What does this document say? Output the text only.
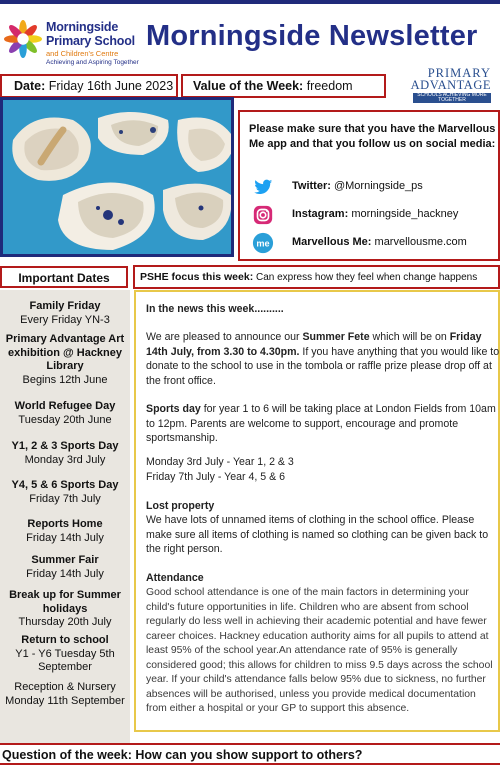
Morningside
Primary School
and Children's Centre
Achieving and Aspiring Together
Morningside Newsletter
Date: Friday 16th June 2023	Value of the Week: freedom
PRIMARY
ADVANTAGE
SCHOOLS ACHIEVING MORE TOGETHER
Please make sure that you have the Marvellous Me app and that you follow us on social media:
Twitter: @Morningside_ps
Instagram: morningside_hackney
me Marvellous Me: marvellousme.com
Important Dates
Family Friday
Every Friday YN-3
Primary Advantage Art exhibition @ Hackney Library
Begins 12th June
World Refugee Day
Tuesday 20th June
Y1, 2 & 3 Sports Day
Monday 3rd July
Y4, 5 & 6 Sports Day
Friday 7th July
Reports Home
Friday 14th July
Summer Fair
Friday 14th July
Break up for Summer holidays
Thursday 20th July
Return to school
Y1 - Y6 Tuesday 5th September
Reception & Nursery Monday 11th September
PSHE focus this week: Can express how they feel when change happens
In the news this week..........
We are pleased to announce our Summer Fete which will be on Friday 14th July, from 3.30 to 4.30pm. If you have anything that you would like to donate to the school to use in the tombola or raffle prize please drop off at the front office.
Sports day for year 1 to 6 will be taking place at London Fields from 10am to 12pm. Parents are welcome to support, encourage and promote sportsmanship.
Monday 3rd July - Year 1, 2 & 3
Friday 7th July - Year 4, 5 & 6
Lost property
We have lots of unnamed items of clothing in the school office. Please make sure all items of clothing is named so clothing can be given back to the right person.
Attendance
Good school attendance is one of the main factors in determining your child's future opportunities in life. Children who are absent from school regularly do less well in achieving their academic potential and have fewer career choices. Hackney education authority aims for all pupils to attend at least 95% of the school year.An attendance rate of 95% is generally considered good; this allows for children to miss 9.5 days across the school year. If your child's attendance falls below 95% due to sickness, no further absences will be authorised, unless you provide medical documentation from either a hospital or your GP to support this absence.
Question of the week: How can you show support to others?
